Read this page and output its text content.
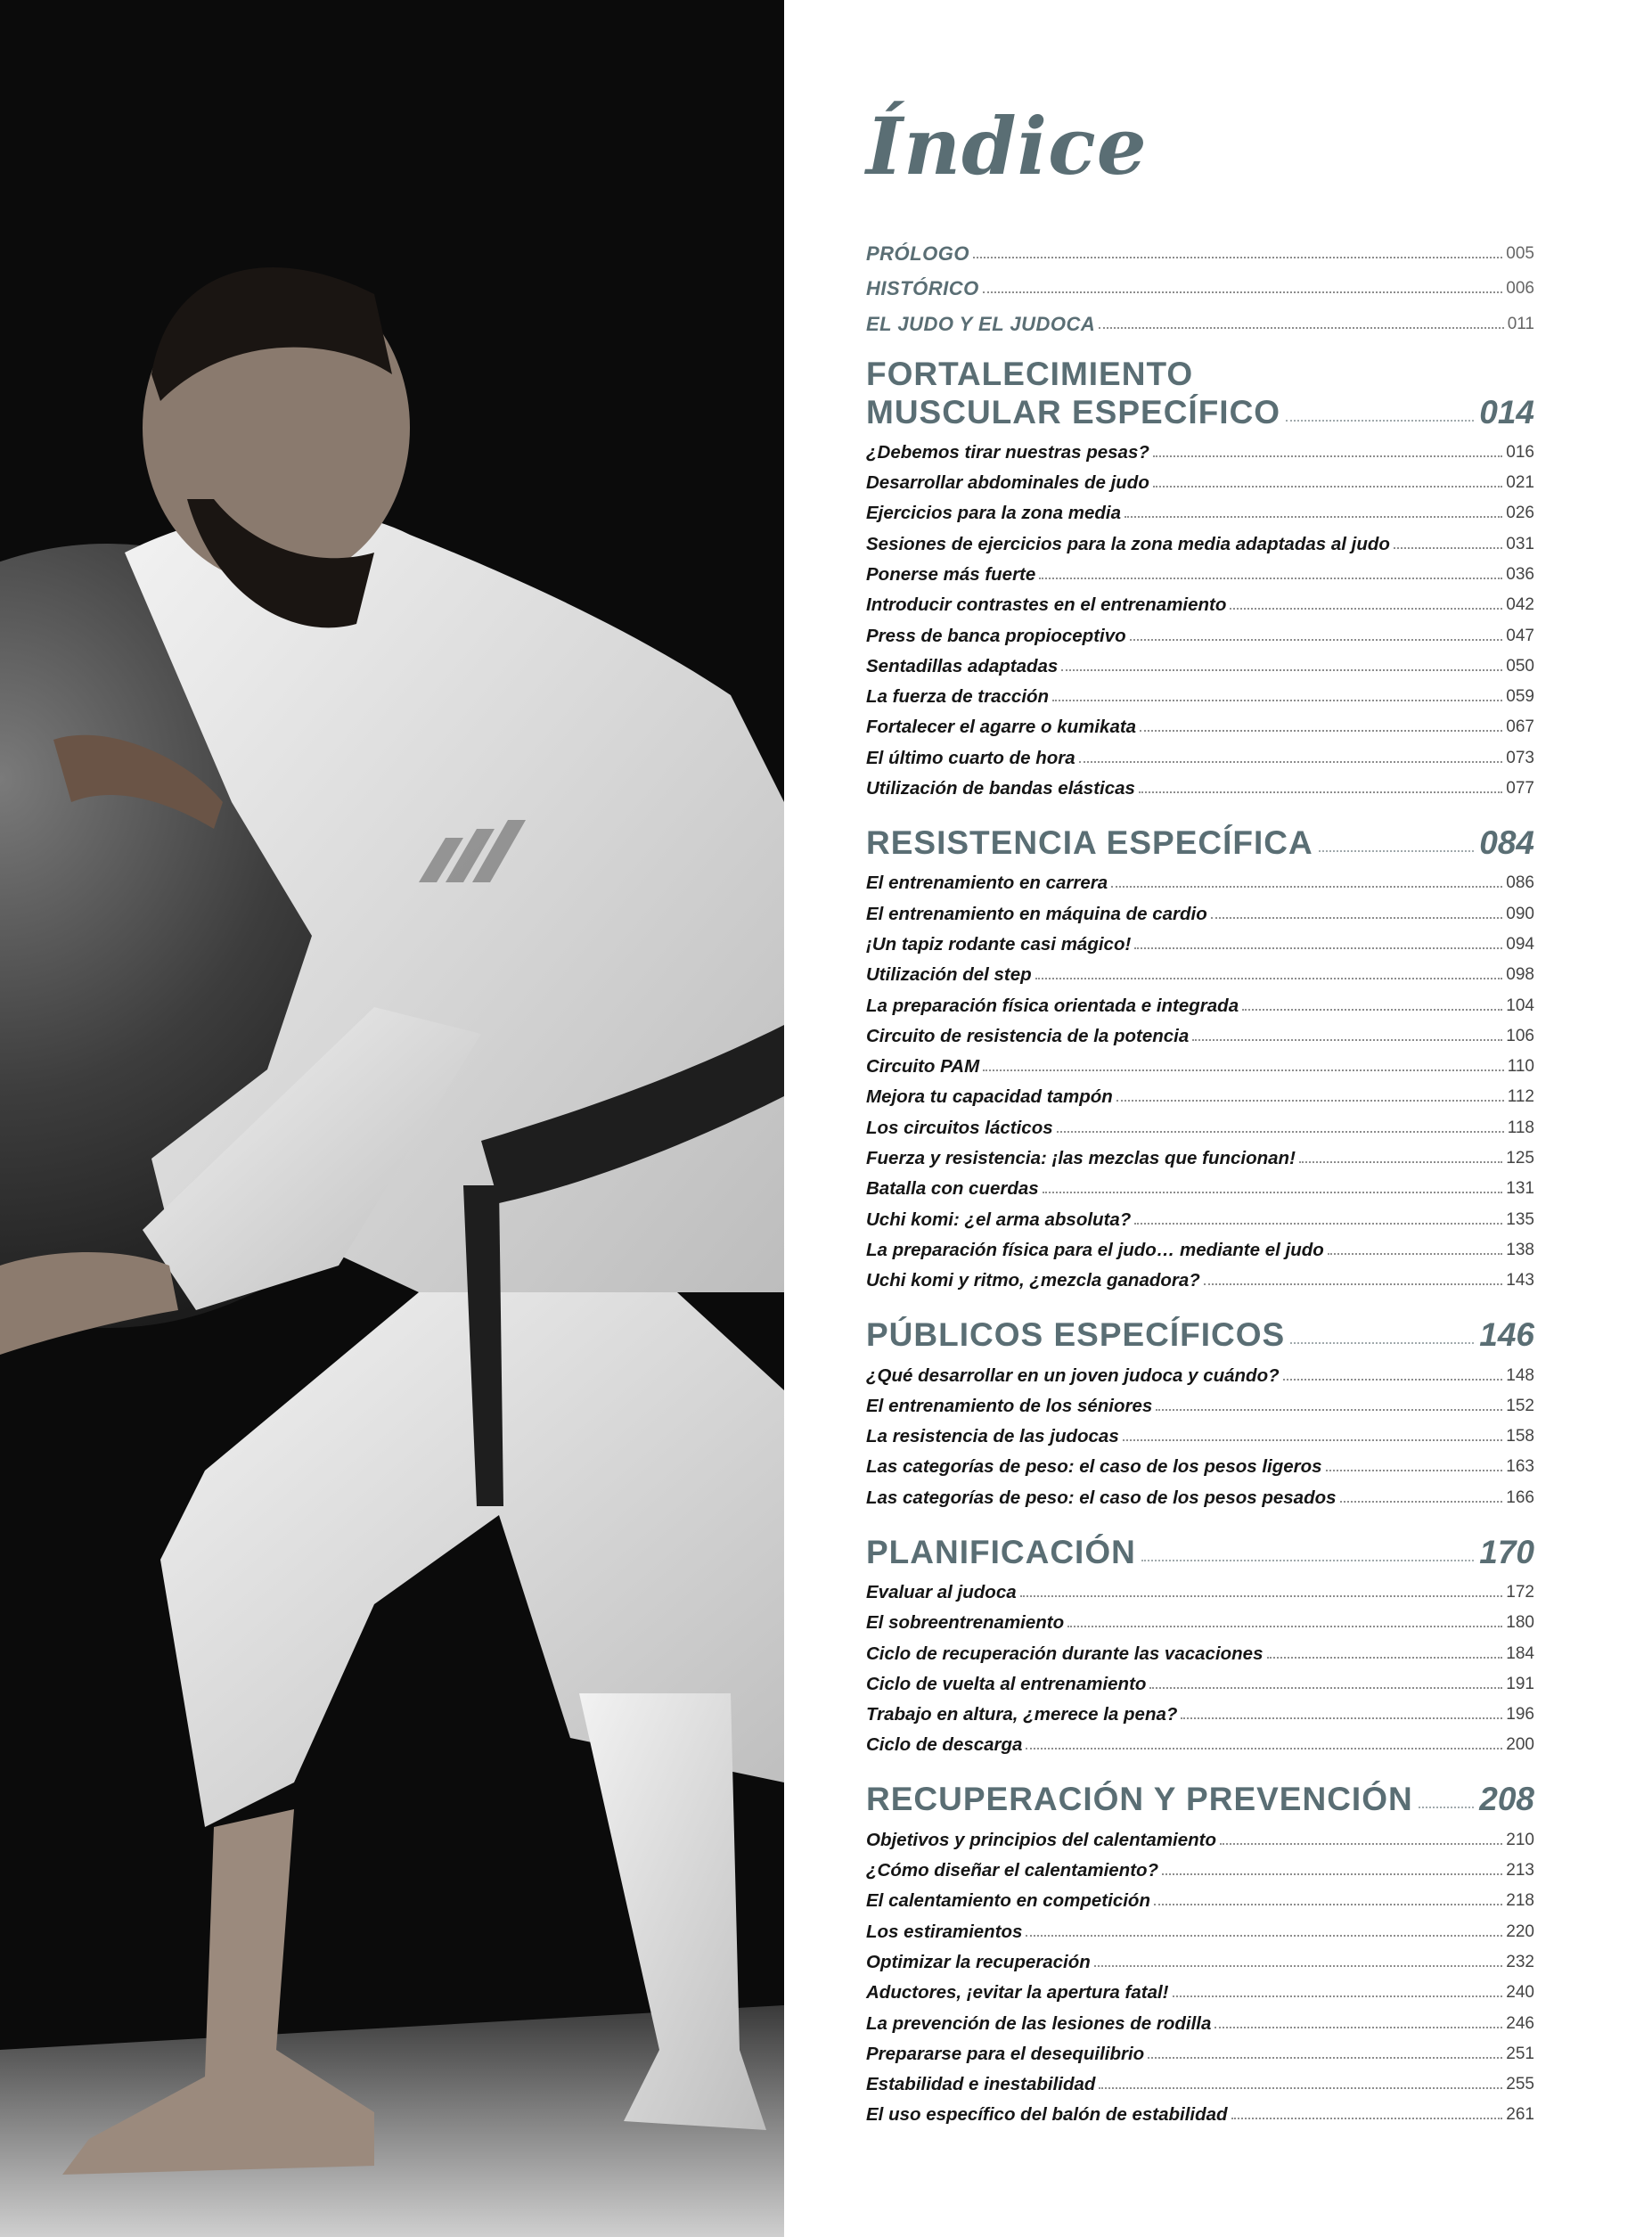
Índice
PRÓLOGO	005
HISTÓRICO	006
EL JUDO Y EL JUDOCA	011
FORTALECIMIENTO
MUSCULAR ESPECÍFICO	014
¿Debemos tirar nuestras pesas?	016
Desarrollar abdominales de judo	021
Ejercicios para la zona media	026
Sesiones de ejercicios para la zona media adaptadas al judo	031
Ponerse más fuerte	036
Introducir contrastes en el entrenamiento	042
Press de banca propioceptivo	047
Sentadillas adaptadas	050
La fuerza de tracción	059
Fortalecer el agarre o kumikata	067
El último cuarto de hora	073
Utilización de bandas elásticas	077
RESISTENCIA ESPECÍFICA	084
El entrenamiento en carrera	086
El entrenamiento en máquina de cardio	090
¡Un tapiz rodante casi mágico!	094
Utilización del step	098
La preparación física orientada e integrada	104
Circuito de resistencia de la potencia	106
Circuito PAM	110
Mejora tu capacidad tampón	112
Los circuitos lácticos	118
Fuerza y resistencia: ¡las mezclas que funcionan!	125
Batalla con cuerdas	131
Uchi komi: ¿el arma absoluta?	135
La preparación física para el judo… mediante el judo	138
Uchi komi y ritmo, ¿mezcla ganadora?	143
PÚBLICOS ESPECÍFICOS	146
¿Qué desarrollar en un joven judoca y cuándo?	148
El entrenamiento de los séniores	152
La resistencia de las judocas	158
Las categorías de peso: el caso de los pesos ligeros	163
Las categorías de peso: el caso de los pesos pesados	166
PLANIFICACIÓN	170
Evaluar al judoca	172
El sobreentrenamiento	180
Ciclo de recuperación durante las vacaciones	184
Ciclo de vuelta al entrenamiento	191
Trabajo en altura, ¿merece la pena?	196
Ciclo de descarga	200
RECUPERACIÓN Y PREVENCIÓN 208
Objetivos y principios del calentamiento	210
¿Cómo diseñar el calentamiento?	213
El calentamiento en competición	218
Los estiramientos	220
Optimizar la recuperación	232
Aductores, ¡evitar la apertura fatal!	240
La prevención de las lesiones de rodilla	246
Prepararse para el desequilibrio	251
Estabilidad e inestabilidad	255
El uso específico del balón de estabilidad	261
